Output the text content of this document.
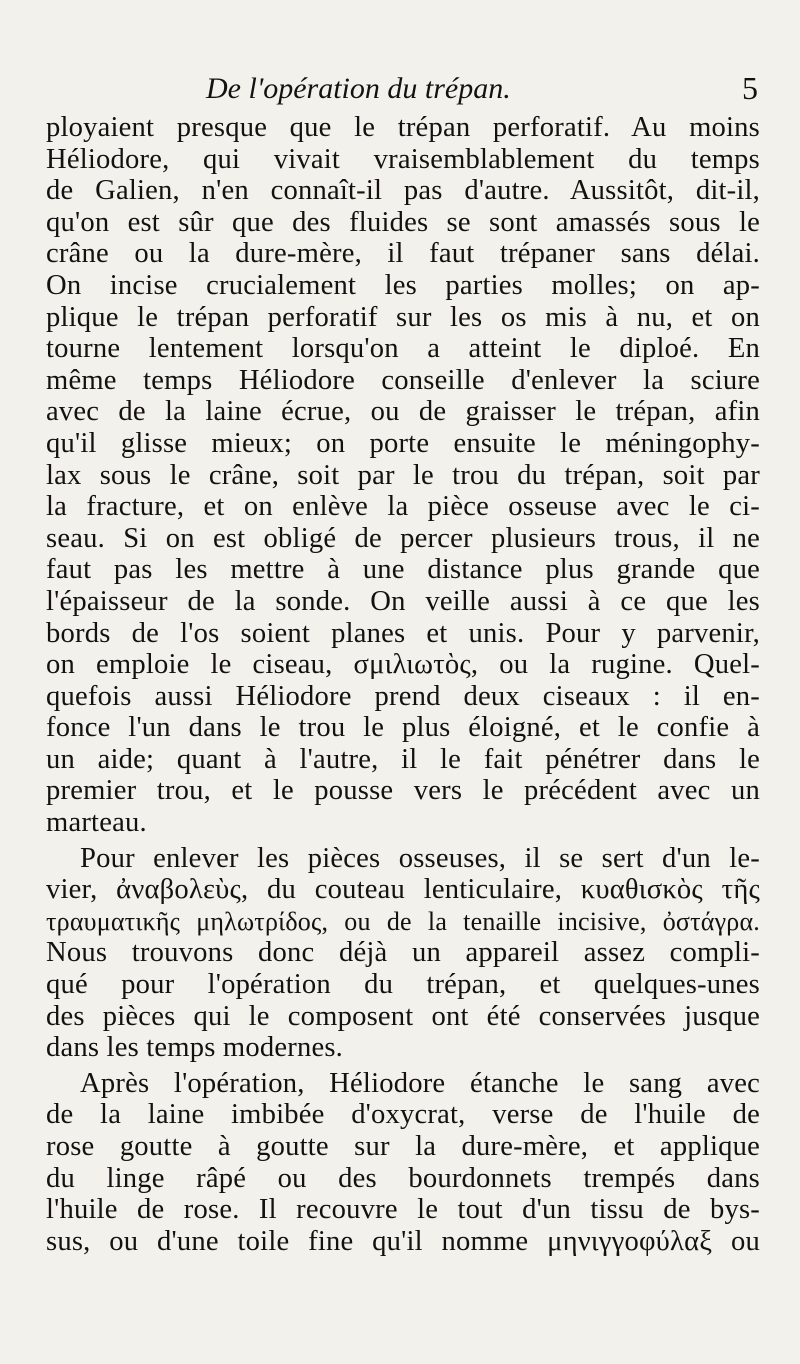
De l'opération du trépan.	5
ployaient presque que le trépan perforatif. Au moins
Héliodore, qui vivait vraisemblablement du temps
de Galien, n'en connaît-il pas d'autre. Aussitôt, dit-il,
qu'on est sûr que des fluides se sont amassés sous le
crâne ou la dure-mère, il faut trépaner sans délai.
On incise crucialement les parties molles; on ap-
plique le trépan perforatif sur les os mis à nu, et on
tourne lentement lorsqu'on a atteint le diploé. En
même temps Héliodore conseille d'enlever la sciure
avec de la laine écrue, ou de graisser le trépan, afin
qu'il glisse mieux; on porte ensuite le méningophy-
lax sous le crâne, soit par le trou du trépan, soit par
la fracture, et on enlève la pièce osseuse avec le ci-
seau. Si on est obligé de percer plusieurs trous, il ne
faut pas les mettre à une distance plus grande que
l'épaisseur de la sonde. On veille aussi à ce que les
bords de l'os soient planes et unis. Pour y parvenir,
on emploie le ciseau, σμιλιωτὸς, ou la rugine. Quel-
quefois aussi Héliodore prend deux ciseaux : il en-
fonce l'un dans le trou le plus éloigné, et le confie à
un aide; quant à l'autre, il le fait pénétrer dans le
premier trou, et le pousse vers le précédent avec un
marteau.
Pour enlever les pièces osseuses, il se sert d'un le-
vier, ἀναβολεὺς, du couteau lenticulaire, κυαθισκὸς τῆς
τραυματικῆς μηλωτρίδος, ou de la tenaille incisive, ὀστάγρα.
Nous trouvons donc déjà un appareil assez compli-
qué pour l'opération du trépan, et quelques-unes
des pièces qui le composent ont été conservées jusque
dans les temps modernes.
Après l'opération, Héliodore étanche le sang avec
de la laine imbibée d'oxycrat, verse de l'huile de
rose goutte à goutte sur la dure-mère, et applique
du linge râpé ou des bourdonnets trempés dans
l'huile de rose. Il recouvre le tout d'un tissu de bys-
sus, ou d'une toile fine qu'il nomme μηνιγγοφύλαξ ou
